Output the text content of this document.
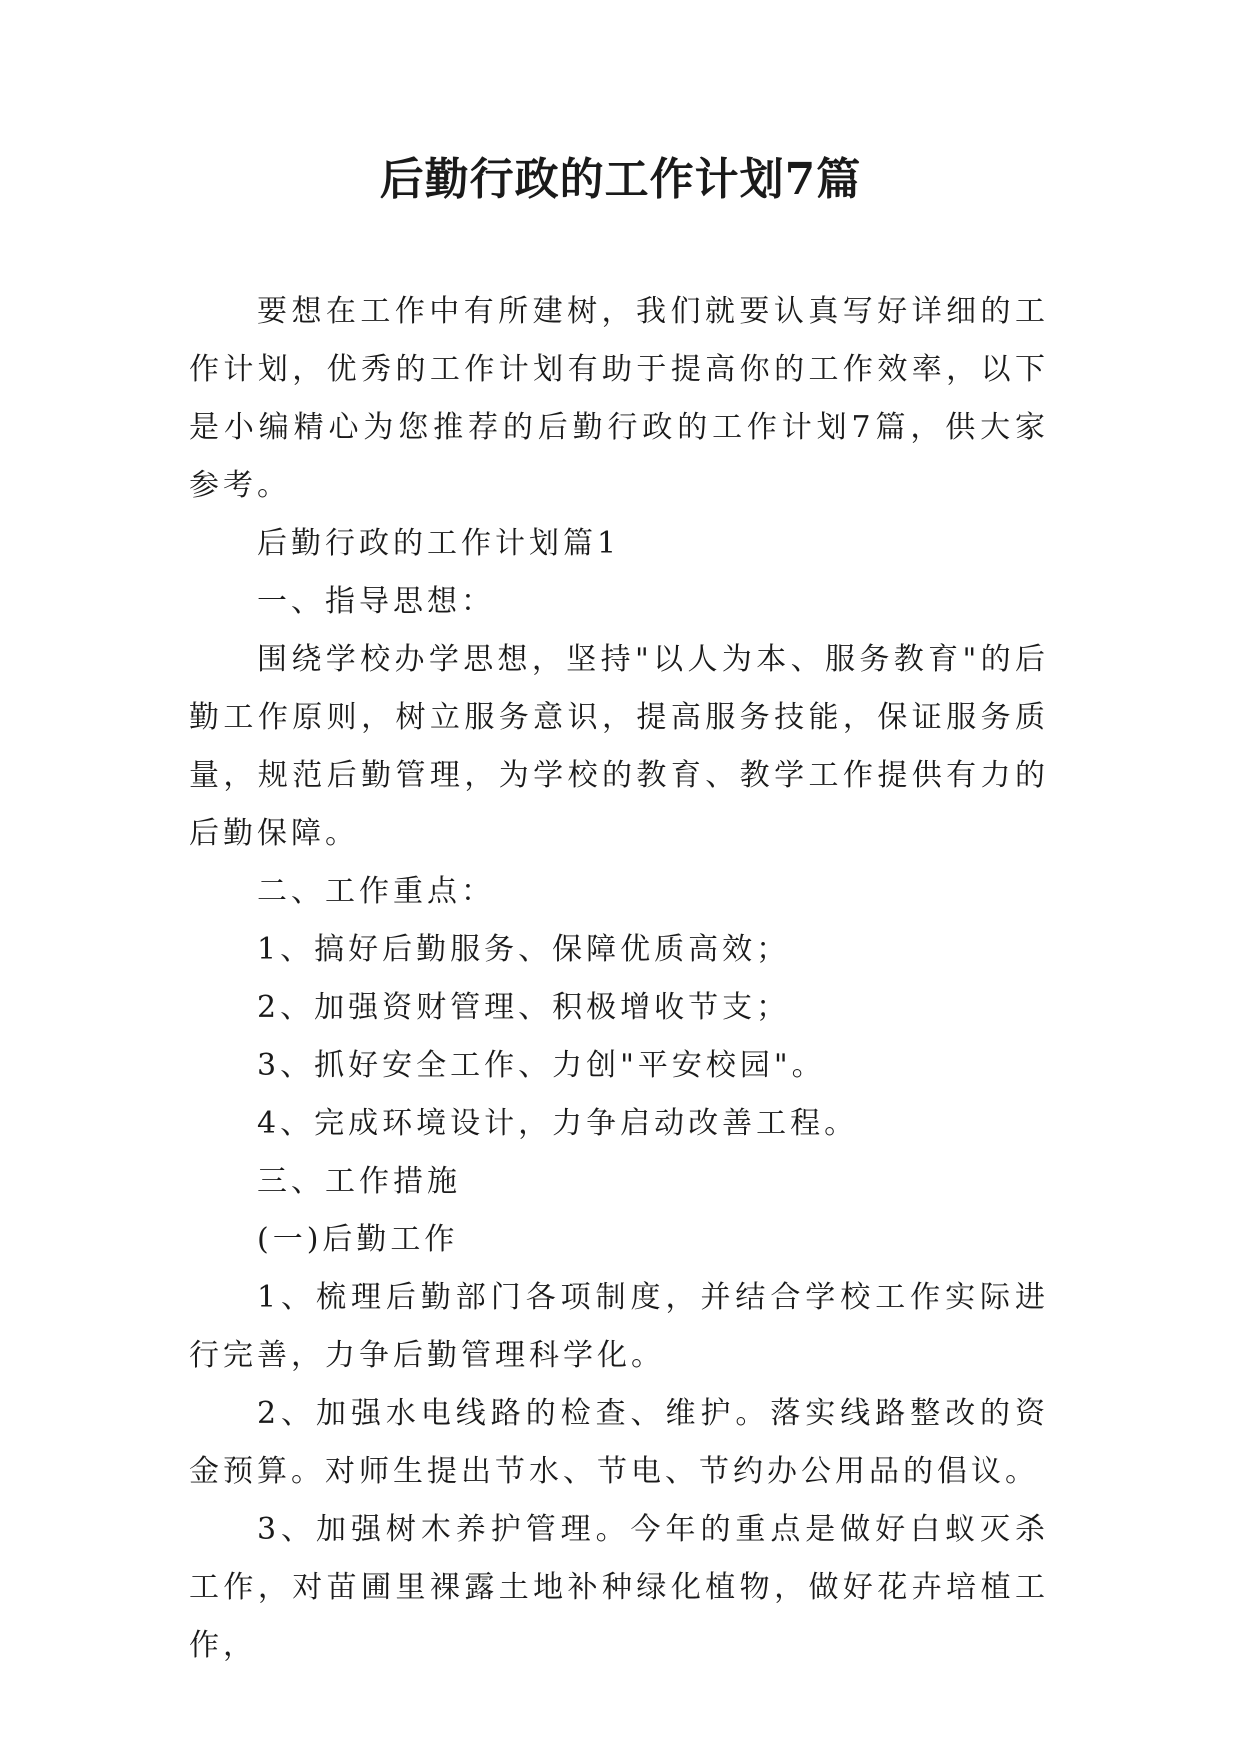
后勤行政的工作计划7篇

要想在工作中有所建树，我们就要认真写好详细的工作计划，优秀的工作计划有助于提高你的工作效率，以下是小编精心为您推荐的后勤行政的工作计划7篇，供大家参考。

后勤行政的工作计划篇1

一、指导思想：

围绕学校办学思想，坚持"以人为本、服务教育"的后勤工作原则，树立服务意识，提高服务技能，保证服务质量，规范后勤管理，为学校的教育、教学工作提供有力的后勤保障。

二、工作重点：

1、搞好后勤服务、保障优质高效；

2、加强资财管理、积极增收节支；

3、抓好安全工作、力创"平安校园"。

4、完成环境设计，力争启动改善工程。

三、工作措施

(一)后勤工作

1、梳理后勤部门各项制度，并结合学校工作实际进行完善，力争后勤管理科学化。

2、加强水电线路的检查、维护。落实线路整改的资金预算。对师生提出节水、节电、节约办公用品的倡议。

3、加强树木养护管理。今年的重点是做好白蚁灭杀工作，对苗圃里裸露土地补种绿化植物，做好花卉培植工作，
